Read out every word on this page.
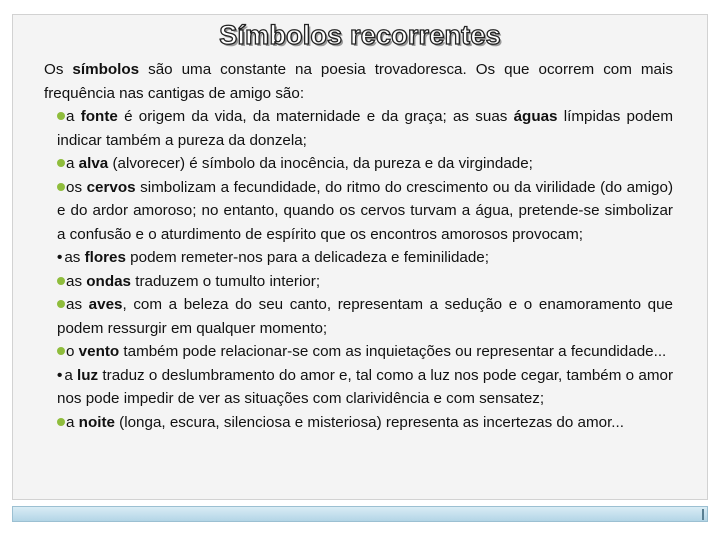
Símbolos recorrentes

Os símbolos são uma constante na poesia trovadoresca. Os que ocorrem com mais frequência nas cantigas de amigo são:

a fonte é origem da vida, da maternidade e da graça; as suas águas límpidas podem indicar também a pureza da donzela;

a alva (alvorecer) é símbolo da inocência, da pureza e da virgindade;

os cervos simbolizam a fecundidade, do ritmo do crescimento ou da virilidade (do amigo) e do ardor amoroso; no entanto, quando os cervos turvam a água, pretende-se simbolizar a confusão e o aturdimento de espírito que os encontros amorosos provocam;

• as flores podem remeter-nos para a delicadeza e feminilidade;

as ondas traduzem o tumulto interior;

as aves, com a beleza do seu canto, representam a sedução e o enamoramento que podem ressurgir em qualquer momento;

o vento também pode relacionar-se com as inquietações ou representar a fecundidade...

• a luz traduz o deslumbramento do amor e, tal como a luz nos pode cegar, também o amor nos pode impedir de ver as situações com clarividência e com sensatez;

a noite (longa, escura, silenciosa e misteriosa) representa as incertezas do amor...
